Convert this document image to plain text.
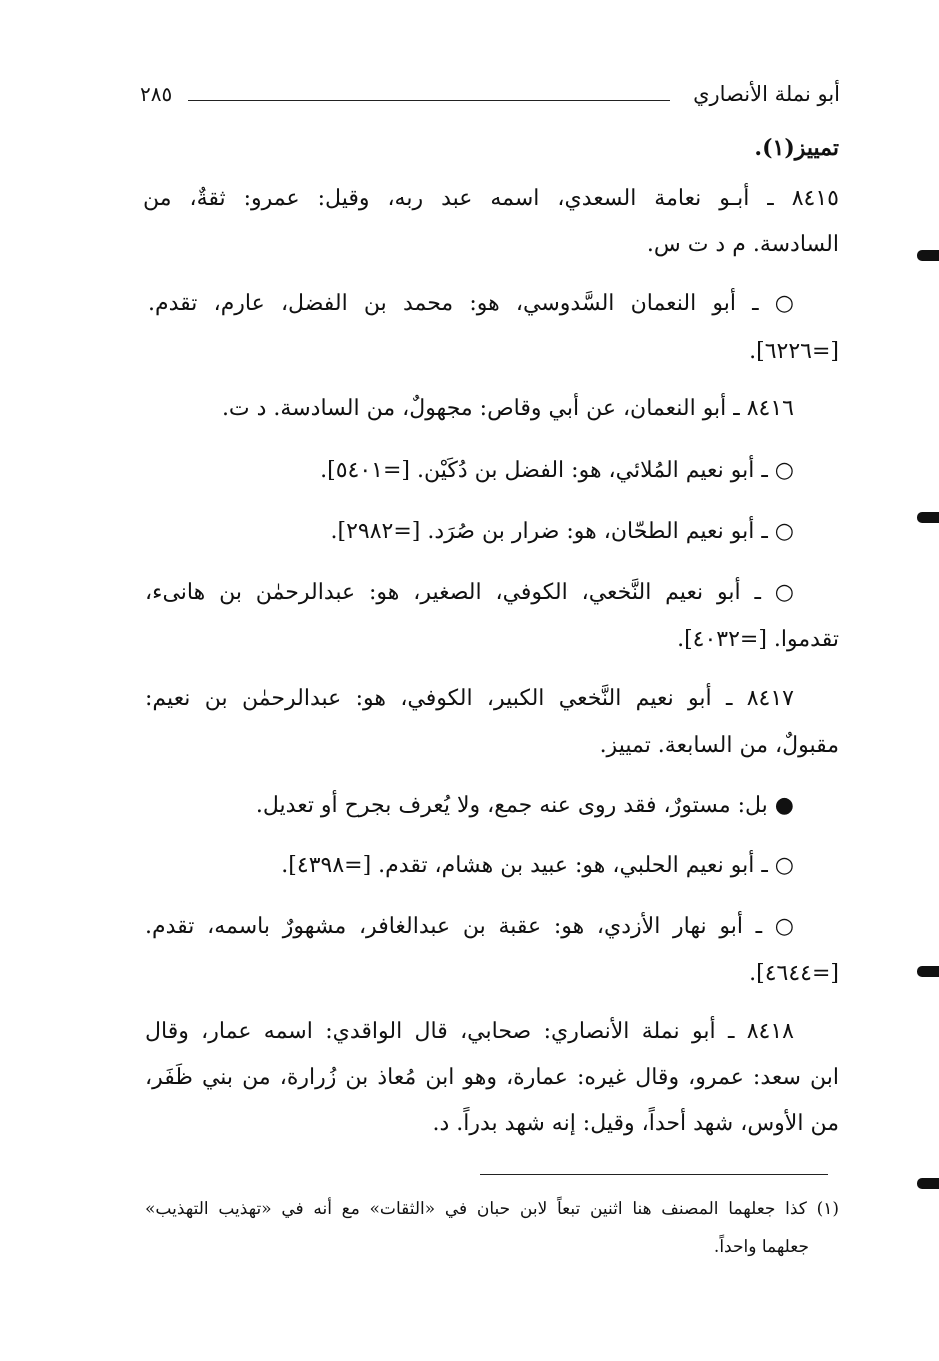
٢٨٥	أبو نملة الأنصاري
تمييز(١).
٨٤١٥ ـ أبـو نعامة السعدي، اسمه عبد ربه، وقيل: عمرو: ثقةٌ، من
السادسة. م د ت س.
○ ـ أبو النعمان السَّدوسي، هو: محمد بن الفضل، عارم، تقدم.
[=٦٢٢٦].
٨٤١٦ ـ أبو النعمان، عن أبي وقاص: مجهولٌ، من السادسة. د ت.
○ ـ أبو نعيم المُلائي، هو: الفضل بن دُكَيْن. [=٥٤٠١].
○ ـ أبو نعيم الطحّان، هو: ضرار بن صُرَد. [=٢٩٨٢].
○ ـ أبو نعيم النَّخعي، الكوفي، الصغير، هو: عبدالرحمٰن بن هانىء،
تقدموا. [=٤٠٣٢].
٨٤١٧ ـ أبو نعيم النَّخعي الكبير، الكوفي، هو: عبدالرحمٰن بن نعيم:
مقبولٌ، من السابعة. تمييز.
● بل: مستورٌ، فقد روى عنه جمع، ولا يُعرف بجرح أو تعديل.
○ ـ أبو نعيم الحلبي، هو: عبيد بن هشام، تقدم. [=٤٣٩٨].
○ ـ أبو نهار الأزدي، هو: عقبة بن عبدالغافر، مشهورٌ باسمه، تقدم.
[=٤٦٤٤].
٨٤١٨ ـ أبو نملة الأنصاري: صحابي، قال الواقدي: اسمه عمار، وقال
ابن سعد: عمرو، وقال غيره: عمارة، وهو ابن مُعاذ بن زُرارة، من بني ظَفَر،
من الأوس، شهد أحداً، وقيل: إنه شهد بدراً. د.
(١) كذا جعلهما المصنف هنا اثنين تبعاً لابن حبان في «الثقات» مع أنه في «تهذيب التهذيب»
جعلهما واحداً.
